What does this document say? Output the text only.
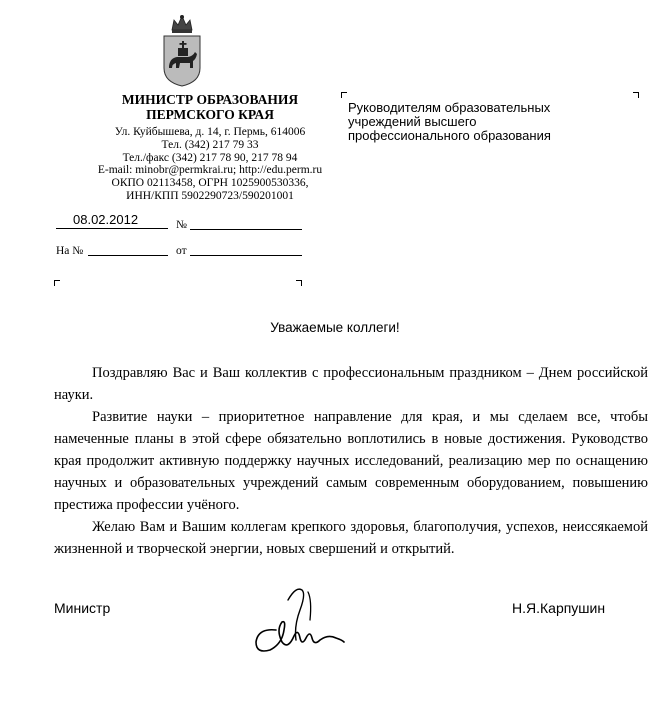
МИНИСТР ОБРАЗОВАНИЯ
ПЕРМСКОГО КРАЯ
Ул. Куйбышева, д. 14, г. Пермь, 614006
Тел. (342) 217 79 33
Тел./факс (342) 217 78 90, 217 78 94
E-mail: minobr@permkrai.ru; http://edu.perm.ru
ОКПО 02113458, ОГРН 1025900530336,
ИНН/КПП 5902290723/590201001
08.02.2012	№
На №	от
Руководителям образовательных
учреждений высшего
профессионального образования
Уважаемые коллеги!

Поздравляю Вас и Ваш коллектив с профессиональным праздником – Днем российской науки.

Развитие науки – приоритетное направление для края, и мы сделаем все, чтобы намеченные планы в этой сфере обязательно воплотились в новые достижения. Руководство края продолжит активную поддержку научных исследований, реализацию мер по оснащению научных и образовательных учреждений самым современным оборудованием, повышению престижа профессии учёного.

Желаю Вам и Вашим коллегам крепкого здоровья, благополучия, успехов, неиссякаемой жизненной и творческой энергии, новых свершений и открытий.

Министр	Н.Я.Карпушин
